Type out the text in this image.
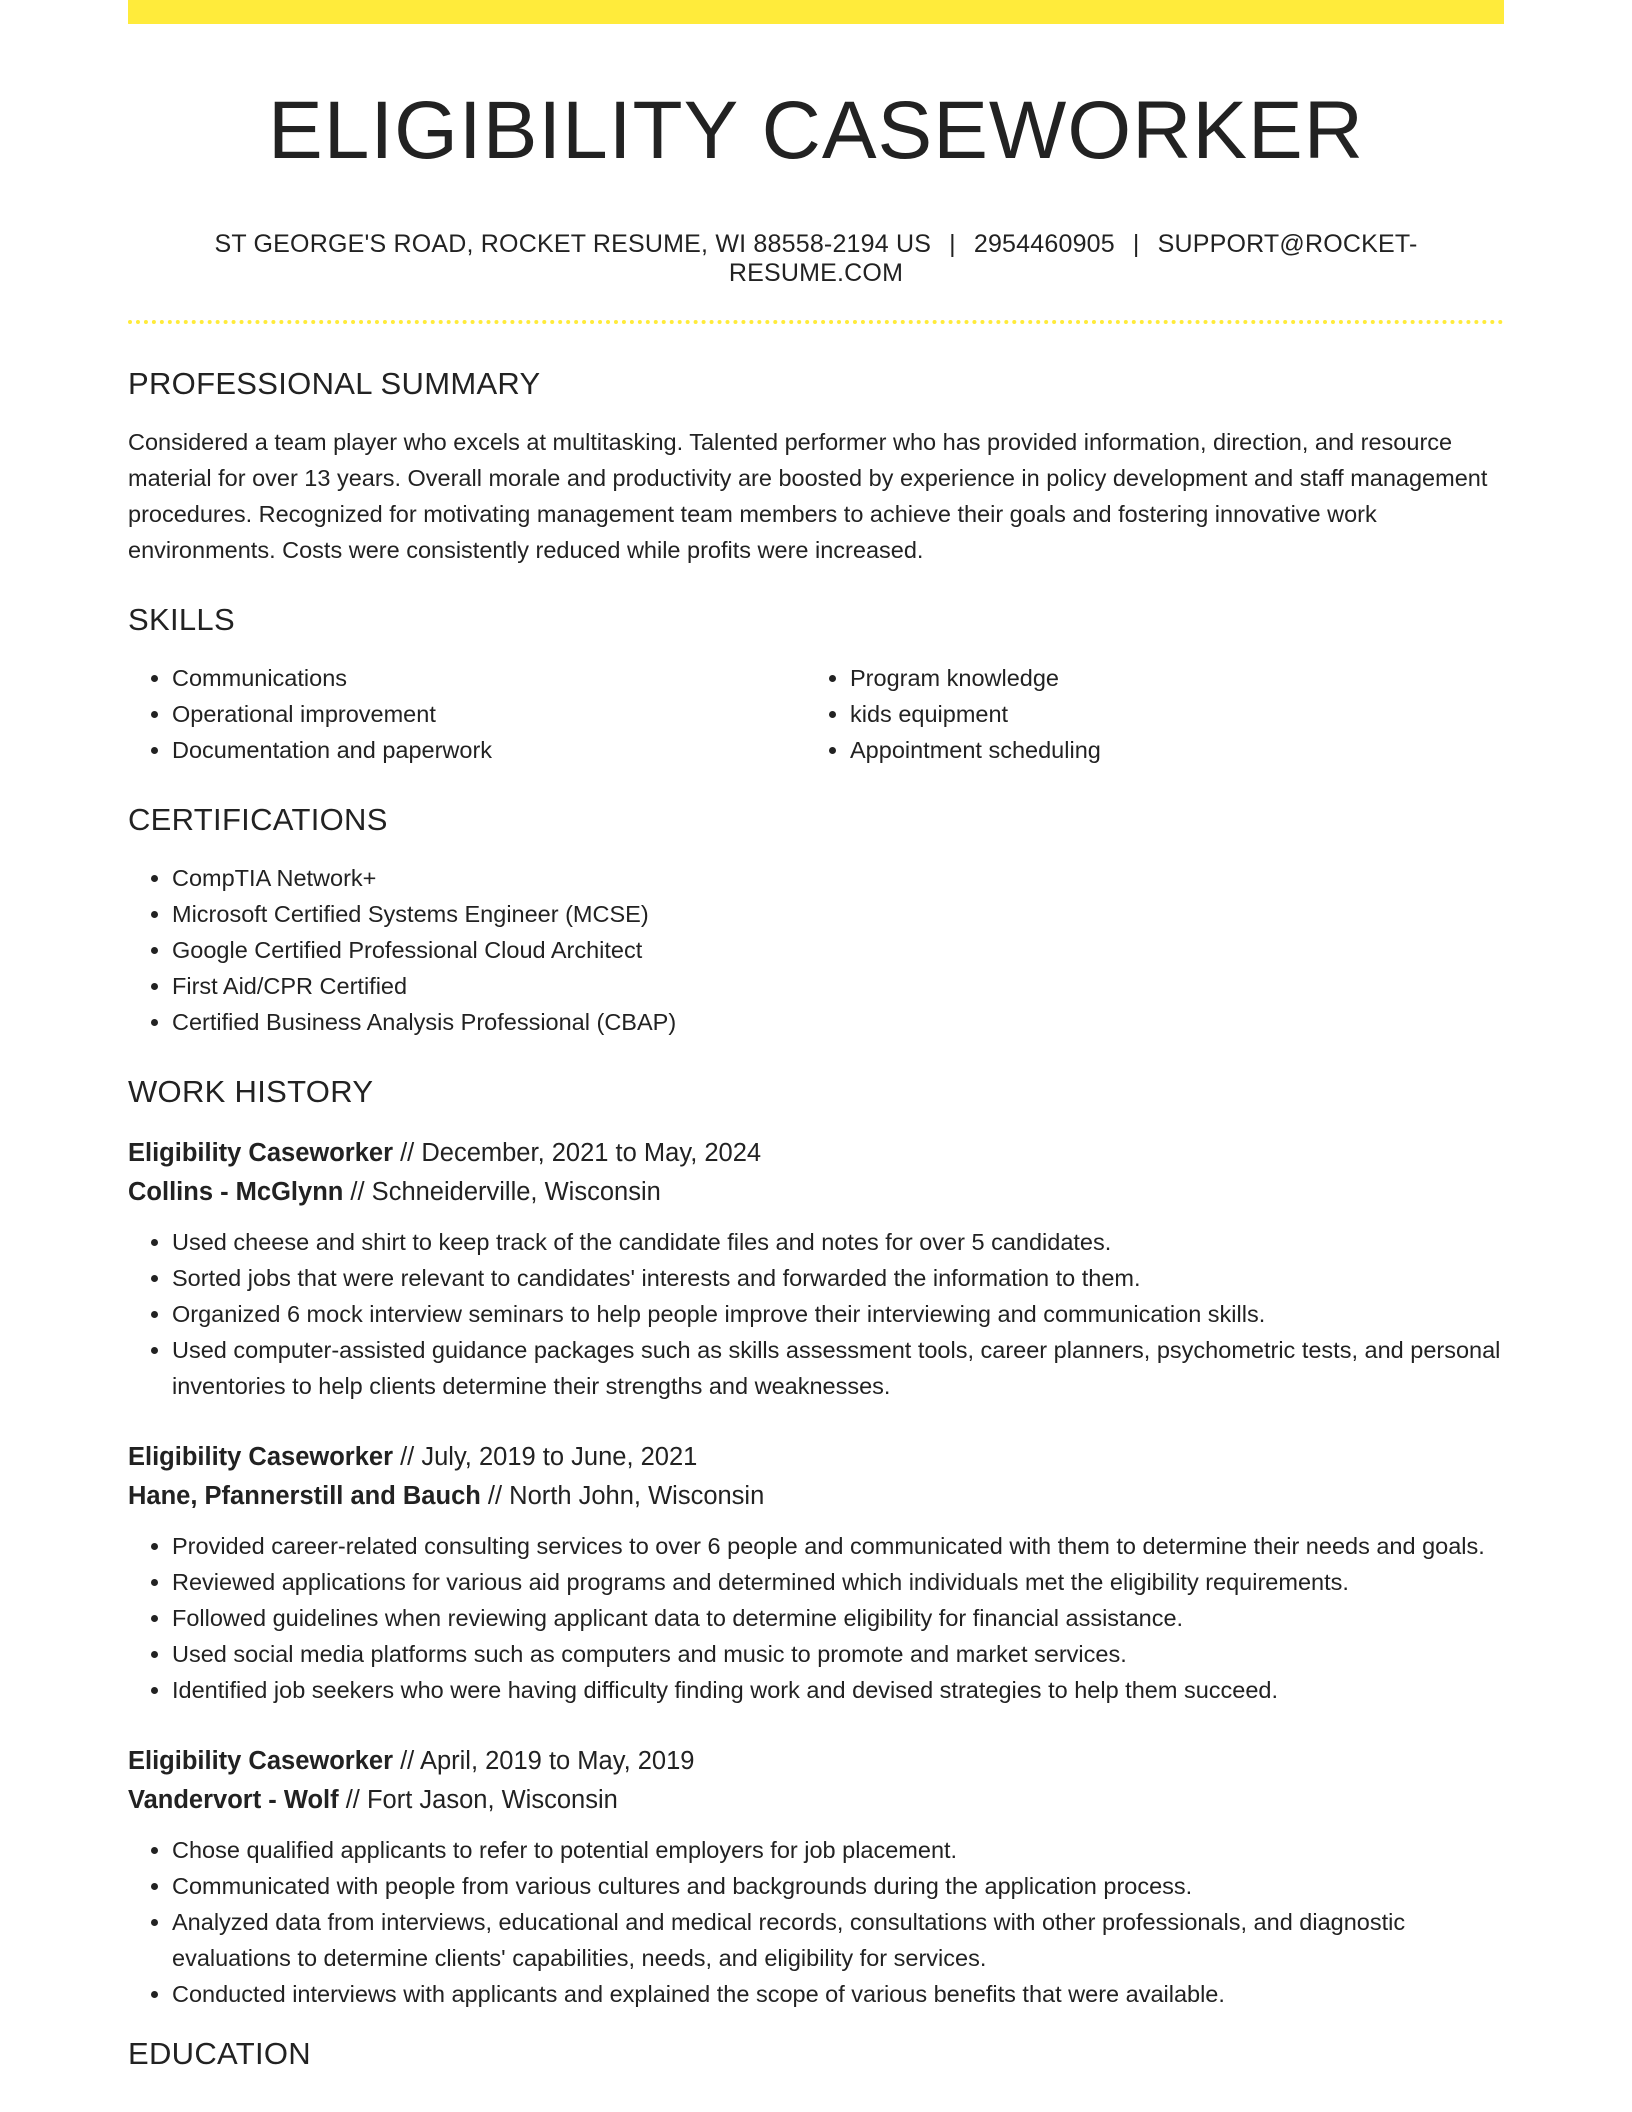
ELIGIBILITY CASEWORKER
ST GEORGE'S ROAD, ROCKET RESUME, WI 88558-2194 US | 2954460905 | SUPPORT@ROCKET-RESUME.COM
PROFESSIONAL SUMMARY
Considered a team player who excels at multitasking. Talented performer who has provided information, direction, and resource material for over 13 years. Overall morale and productivity are boosted by experience in policy development and staff management procedures. Recognized for motivating management team members to achieve their goals and fostering innovative work environments. Costs were consistently reduced while profits were increased.
SKILLS
• Communications
• Operational improvement
• Documentation and paperwork
• Program knowledge
• kids equipment
• Appointment scheduling
CERTIFICATIONS
• CompTIA Network+
• Microsoft Certified Systems Engineer (MCSE)
• Google Certified Professional Cloud Architect
• First Aid/CPR Certified
• Certified Business Analysis Professional (CBAP)
WORK HISTORY
Eligibility Caseworker // December, 2021 to May, 2024
Collins - McGlynn // Schneiderville, Wisconsin
• Used cheese and shirt to keep track of the candidate files and notes for over 5 candidates.
• Sorted jobs that were relevant to candidates' interests and forwarded the information to them.
• Organized 6 mock interview seminars to help people improve their interviewing and communication skills.
• Used computer-assisted guidance packages such as skills assessment tools, career planners, psychometric tests, and personal inventories to help clients determine their strengths and weaknesses.
Eligibility Caseworker // July, 2019 to June, 2021
Hane, Pfannerstill and Bauch // North John, Wisconsin
• Provided career-related consulting services to over 6 people and communicated with them to determine their needs and goals.
• Reviewed applications for various aid programs and determined which individuals met the eligibility requirements.
• Followed guidelines when reviewing applicant data to determine eligibility for financial assistance.
• Used social media platforms such as computers and music to promote and market services.
• Identified job seekers who were having difficulty finding work and devised strategies to help them succeed.
Eligibility Caseworker // April, 2019 to May, 2019
Vandervort - Wolf // Fort Jason, Wisconsin
• Chose qualified applicants to refer to potential employers for job placement.
• Communicated with people from various cultures and backgrounds during the application process.
• Analyzed data from interviews, educational and medical records, consultations with other professionals, and diagnostic evaluations to determine clients' capabilities, needs, and eligibility for services.
• Conducted interviews with applicants and explained the scope of various benefits that were available.
EDUCATION
